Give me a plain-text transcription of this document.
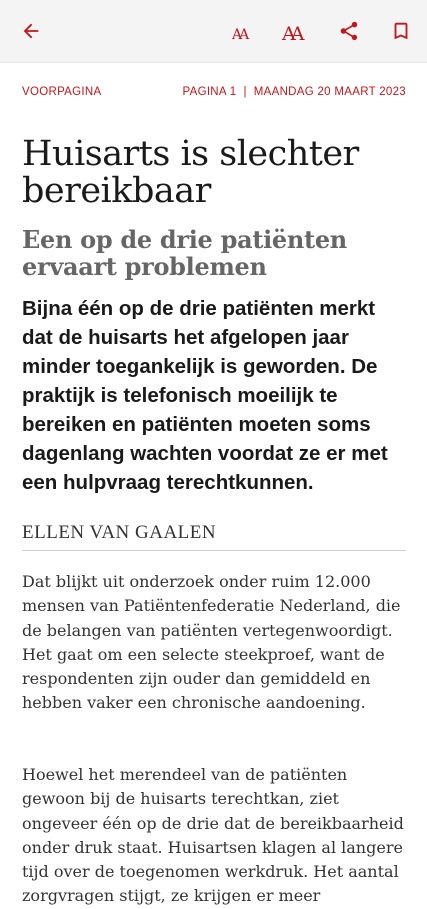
AA AA
VOORPAGINA	PAGINA 1 | MAANDAG 20 MAART 2023
Huisarts is slechter bereikbaar
Een op de drie patiënten ervaart problemen

Bijna één op de drie patiënten merkt dat de huisarts het afgelopen jaar minder toegankelijk is geworden. De praktijk is telefonisch moeilijk te bereiken en patiënten moeten soms dagenlang wachten voordat ze er met een hulpvraag terechtkunnen.

ELLEN VAN GAALEN

Dat blijkt uit onderzoek onder ruim 12.000 mensen van Patiëntenfederatie Nederland, die de belangen van patiënten vertegenwoordigt. Het gaat om een selecte steekproef, want de respondenten zijn ouder dan gemiddeld en hebben vaker een chronische aandoening.

Hoewel het merendeel van de patiënten gewoon bij de huisarts terechtkan, ziet ongeveer één op de drie dat de bereikbaarheid onder druk staat. Huisartsen klagen al langere tijd over de toegenomen werkdruk. Het aantal zorgvragen stijgt, ze krijgen er meer
